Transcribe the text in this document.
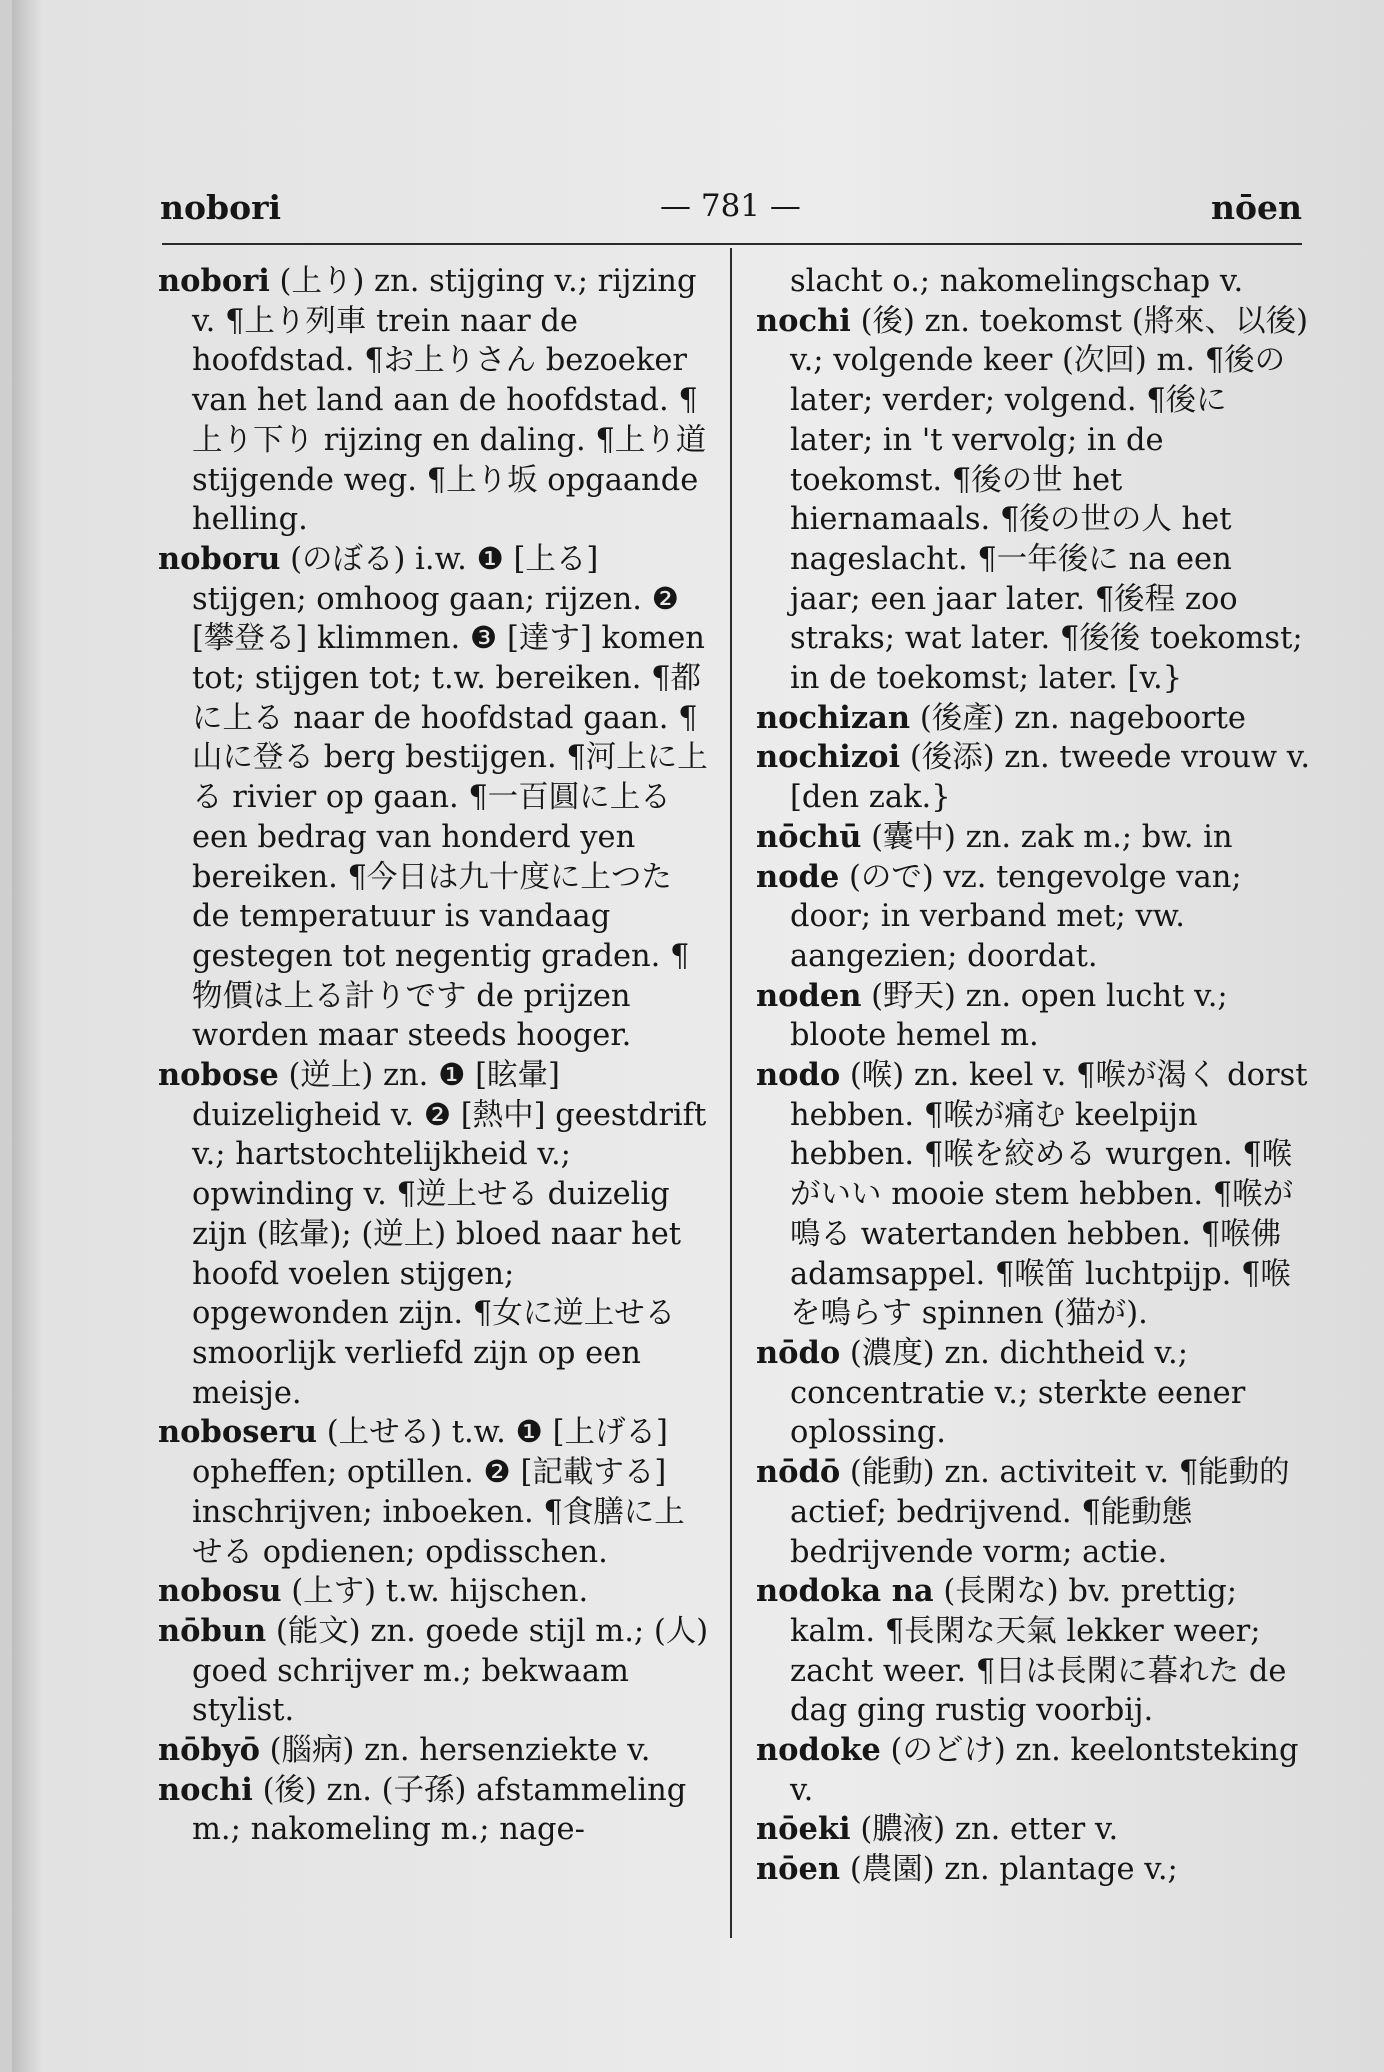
nobori	— 781 —	nōen

nobori (上り) zn. stijging v.; rijzing v. ¶上り列車 trein naar de hoofdstad. ¶お上りさん bezoeker van het land aan de hoofdstad. ¶上り下り rijzing en daling. ¶上り道 stijgende weg. ¶上り坂 opgaande helling.

noboru (のぼる) i.w. ❶ [上る] stijgen; omhoog gaan; rijzen. ❷ [攀登る] klimmen. ❸ [達す] komen tot; stijgen tot; t.w. bereiken. ¶都に上る naar de hoofdstad gaan. ¶山に登る berg bestijgen. ¶河上に上る rivier op gaan. ¶一百圓に上る een bedrag van honderd yen bereiken. ¶今日は九十度に上つた de temperatuur is vandaag gestegen tot negentig graden. ¶物價は上る計りです de prijzen worden maar steeds hooger.

nobose (逆上) zn. ❶ [眩暈] duizeligheid v. ❷ [熱中] geestdrift v.; hartstochtelijkheid v.; opwinding v. ¶逆上せる duizelig zijn (眩暈); (逆上) bloed naar het hoofd voelen stijgen; opgewonden zijn. ¶女に逆上せる smoorlijk verliefd zijn op een meisje.

noboseru (上せる) t.w. ❶ [上げる] opheffen; optillen. ❷ [記載する] inschrijven; inboeken. ¶食膳に上せる opdienen; opdisschen.

nobosu (上す) t.w. hijschen.

nōbun (能文) zn. goede stijl m.; (人) goed schrijver m.; bekwaam stylist.

nōbyō (腦病) zn. hersenziekte v.

nochi (後) zn. (子孫) afstammeling m.; nakomeling m.; nage-

slacht o.; nakomelingschap v.

nochi (後) zn. toekomst (將來、以後) v.; volgende keer (次回) m. ¶後の later; verder; volgend. ¶後に later; in 't vervolg; in de toekomst. ¶後の世 het hiernamaals. ¶後の世の人 het nageslacht. ¶一年後に na een jaar; een jaar later. ¶後程 zoo straks; wat later. ¶後後 toekomst; in de toekomst; later. [v.}

nochizan (後產) zn. nageboorte

nochizoi (後添) zn. tweede vrouw v. [den zak.}

nōchū (囊中) zn. zak m.; bw. in

node (ので) vz. tengevolge van; door; in verband met; vw. aangezien; doordat.

noden (野天) zn. open lucht v.; bloote hemel m.

nodo (喉) zn. keel v. ¶喉が渴く dorst hebben. ¶喉が痛む keelpijn hebben. ¶喉を絞める wurgen. ¶喉がいい mooie stem hebben. ¶喉が鳴る watertanden hebben. ¶喉佛 adamsappel. ¶喉笛 luchtpijp. ¶喉を鳴らす spinnen (猫が).

nōdo (濃度) zn. dichtheid v.; concentratie v.; sterkte eener oplossing.

nōdō (能動) zn. activiteit v. ¶能動的 actief; bedrijvend. ¶能動態 bedrijvende vorm; actie.

nodoka na (長閑な) bv. prettig; kalm. ¶長閑な天氣 lekker weer; zacht weer. ¶日は長閑に暮れた de dag ging rustig voorbij.

nodoke (のどけ) zn. keelontsteking v.

nōeki (膿液) zn. etter v.

nōen (農園) zn. plantage v.;
